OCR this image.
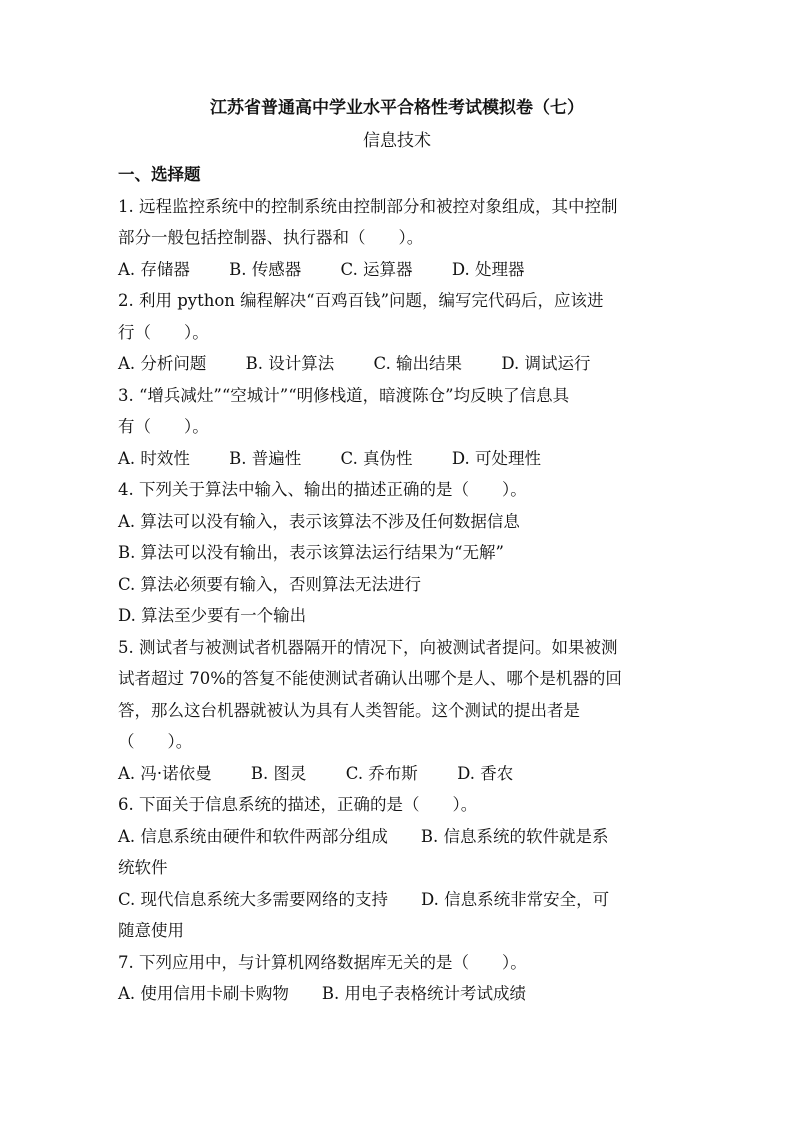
江苏省普通高中学业水平合格性考试模拟卷（七）
信息技术
一、选择题
1. 远程监控系统中的控制系统由控制部分和被控对象组成，其中控制
部分一般包括控制器、执行器和（　　）。
A. 存储器 B. 传感器 C. 运算器 D. 处理器
2. 利用 python 编程解决“百鸡百钱”问题，编写完代码后，应该进
行（　　）。
A. 分析问题 B. 设计算法 C. 输出结果 D. 调试运行
3. “增兵减灶”“空城计”“明修栈道，暗渡陈仓”均反映了信息具
有（　　）。
A. 时效性 B. 普遍性 C. 真伪性 D. 可处理性
4. 下列关于算法中输入、输出的描述正确的是（　　）。
A. 算法可以没有输入，表示该算法不涉及任何数据信息
B. 算法可以没有输出，表示该算法运行结果为“无解”
C. 算法必须要有输入，否则算法无法进行
D. 算法至少要有一个输出
5. 测试者与被测试者机器隔开的情况下，向被测试者提问。如果被测
试者超过 70%的答复不能使测试者确认出哪个是人、哪个是机器的回
答，那么这台机器就被认为具有人类智能。这个测试的提出者是
（　　）。
A. 冯·诺依曼 B. 图灵 C. 乔布斯 D. 香农
6. 下面关于信息系统的描述，正确的是（　　）。
A. 信息系统由硬件和软件两部分组成　　B. 信息系统的软件就是系
统软件
C. 现代信息系统大多需要网络的支持　　D. 信息系统非常安全，可
随意使用
7. 下列应用中，与计算机网络数据库无关的是（　　）。
A. 使用信用卡刷卡购物　　B. 用电子表格统计考试成绩
